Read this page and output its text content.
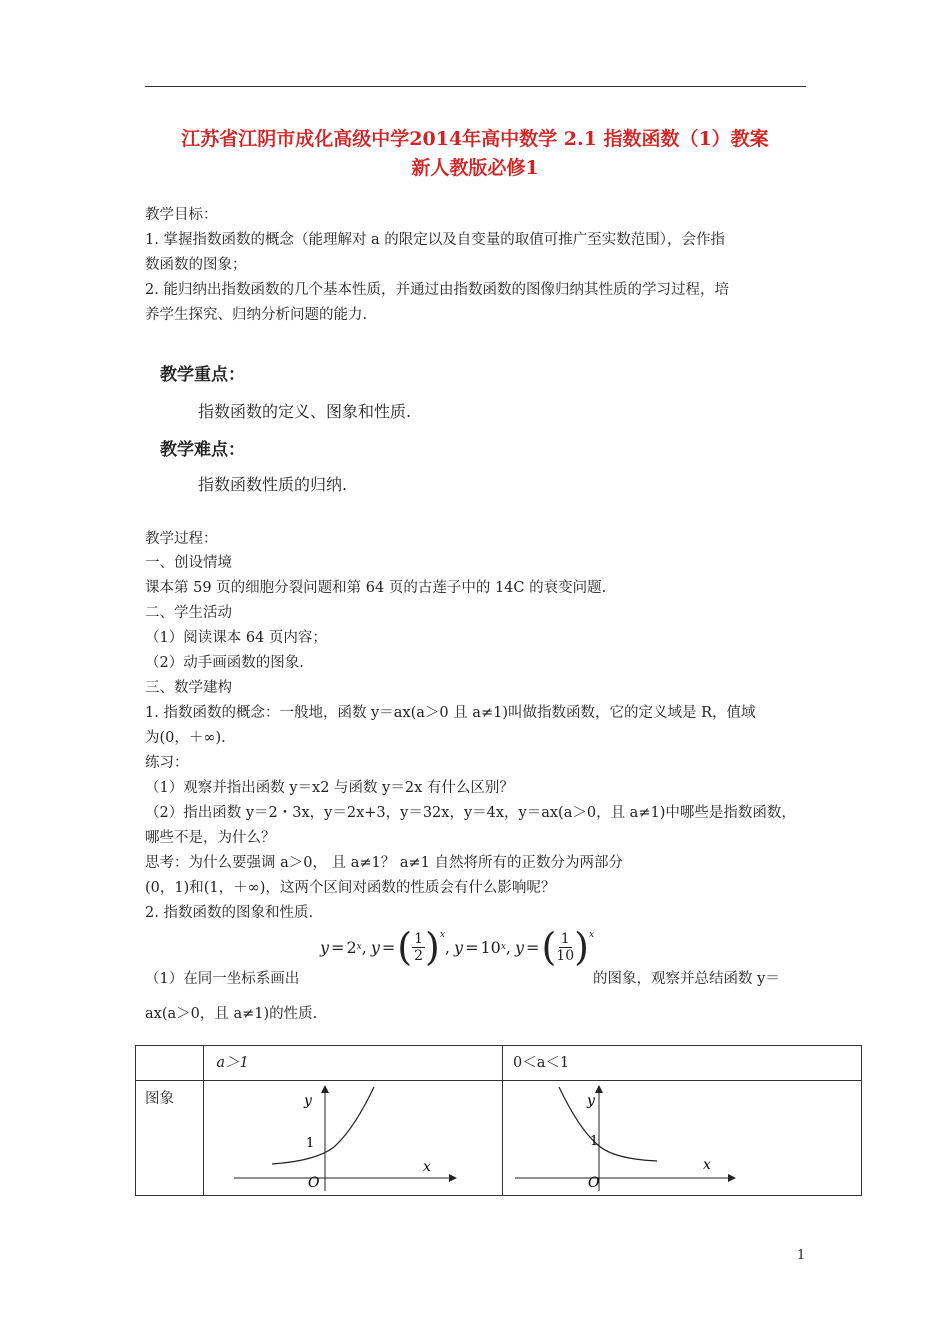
江苏省江阴市成化高级中学2014年高中数学 2.1 指数函数（1）教案
新人教版必修1
教学目标：
1. 掌握指数函数的概念（能理解对 a 的限定以及自变量的取值可推广至实数范围），会作指
数函数的图象；
2. 能归纳出指数函数的几个基本性质，并通过由指数函数的图像归纳其性质的学习过程，培
养学生探究、归纳分析问题的能力.
教学重点：
指数函数的定义、图象和性质.
教学难点：
指数函数性质的归纳.
教学过程：
一、创设情境
课本第 59 页的细胞分裂问题和第 64 页的古莲子中的 14C 的衰变问题.
二、学生活动
（1）阅读课本 64 页内容；
（2）动手画函数的图象.
三、数学建构
1. 指数函数的概念：一般地，函数 y＝ax(a＞0 且 a≠1)叫做指数函数，它的定义域是 R，值域
为(0，＋∞).
练习：
（1）观察并指出函数 y＝x2 与函数 y＝2x 有什么区别？
（2）指出函数 y＝2・3x，y＝2x+3，y＝32x，y＝4x，y＝ax(a＞0，且 a≠1)中哪些是指数函数，
哪些不是，为什么？
思考：为什么要强调 a＞0， 且 a≠1？ a≠1 自然将所有的正数分为两部分
(0，1)和(1，＋∞)，这两个区间对函数的性质会有什么影响呢？
2. 指数函数的图象和性质.
y = 2 x , y = ( $\frac{1}{2} )^x$
, y = 10 x , y = ( $\frac{1}{10} )^x$
（1）在同一坐标系画出	的图象，观察并总结函数 y＝
ax(a＞0，且 a≠1)的性质.
	a＞1	0＜a＜1
图象	y
x
1
O	y
x
1
O
1
